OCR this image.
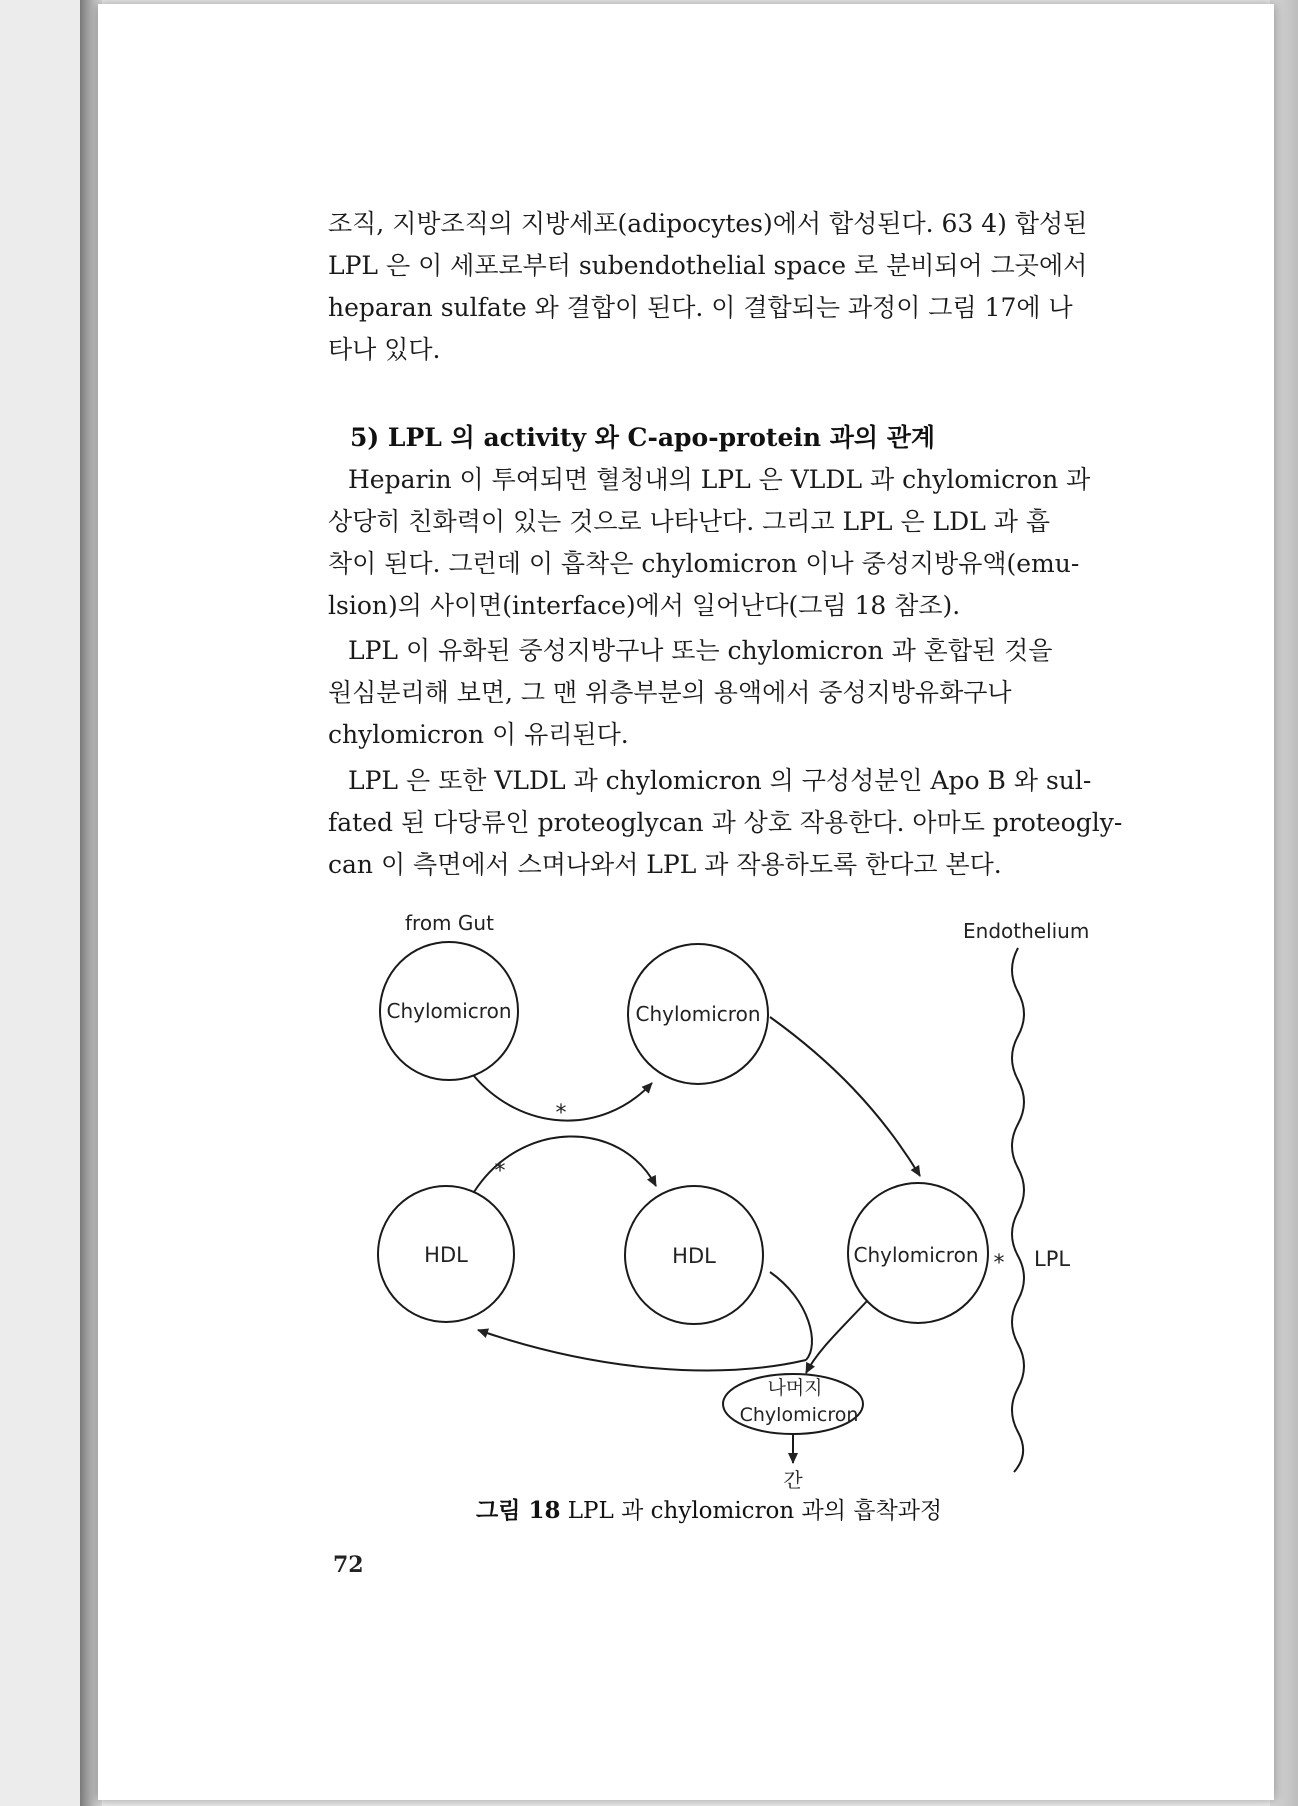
조직, 지방조직의 지방세포(adipocytes)에서 합성된다. 63 4) 합성된

LPL 은 이 세포로부터 subendothelial space 로 분비되어 그곳에서

heparan sulfate 와 결합이 된다. 이 결합되는 과정이 그림 17에 나

타나 있다.

5) LPL 의 activity 와 C-apo-protein 과의 관계

Heparin 이 투여되면 혈청내의 LPL 은 VLDL 과 chylomicron 과

상당히 친화력이 있는 것으로 나타난다. 그리고 LPL 은 LDL 과 흡

착이 된다. 그런데 이 흡착은 chylomicron 이나 중성지방유액(emu-

lsion)의 사이면(interface)에서 일어난다(그림 18 참조).

LPL 이 유화된 중성지방구나 또는 chylomicron 과 혼합된 것을

원심분리해 보면, 그 맨 위층부분의 용액에서 중성지방유화구나

chylomicron 이 유리된다.

LPL 은 또한 VLDL 과 chylomicron 의 구성성분인 Apo B 와 sul-

fated 된 다당류인 proteoglycan 과 상호 작용한다. 아마도 proteogly-

can 이 측면에서 스며나와서 LPL 과 작용하도록 한다고 본다.

from Gut	Endothelium
Chylomicron	Chylomicron
HDL	HDL	Chylomicron	LPL
*
*
*
나머지
Chylomicron
간
그림 18 LPL 과 chylomicron 과의 흡착과정
72
